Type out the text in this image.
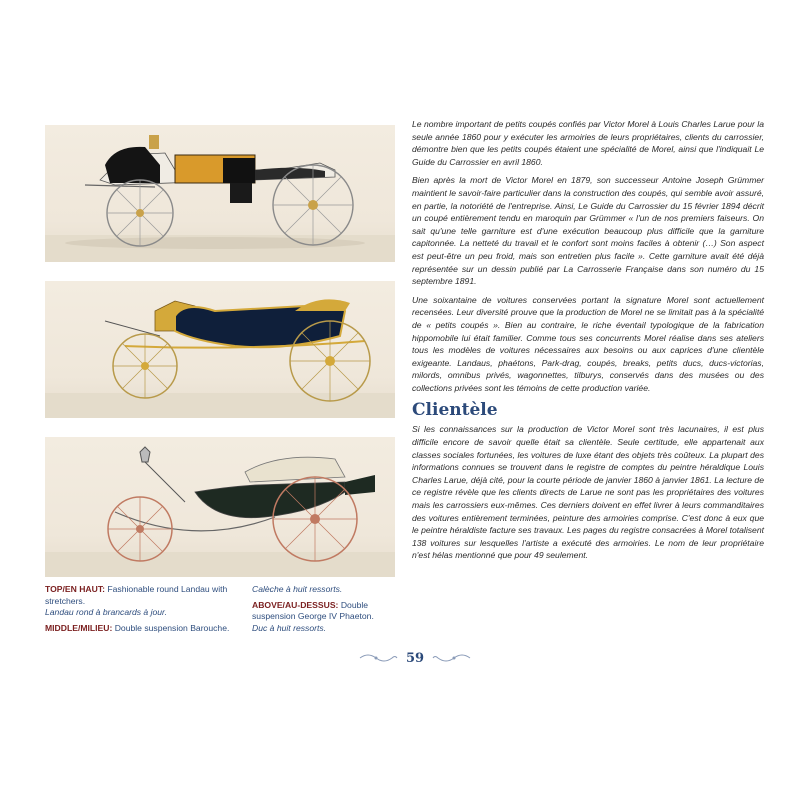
TOP/EN HAUT: Fashionable round Landau with stretchers.
Landau rond à brancards à jour.
MIDDLE/MILIEU: Double suspension Barouche.
Calèche à huit ressorts.
ABOVE/AU-DESSUS: Double suspension George IV Phaeton.
Duc à huit ressorts.

Le nombre important de petits coupés confiés par Victor Morel à Louis Charles Larue pour la seule année 1860 pour y exécuter les armoiries de leurs propriétaires, clients du carrossier, démontre bien que les petits coupés étaient une spécialité de Morel, ainsi que l'indiquait Le Guide du Carrossier en avril 1860.

Bien après la mort de Victor Morel en 1879, son successeur Antoine Joseph Grümmer maintient le savoir-faire particulier dans la construction des coupés, qui semble avoir assuré, en partie, la notoriété de l'entreprise. Ainsi, Le Guide du Carrossier du 15 février 1894 décrit un coupé entièrement tendu en maroquin par Grümmer « l'un de nos premiers faiseurs. On sait qu'une telle garniture est d'une exécution beaucoup plus difficile que la garniture capitonnée. La netteté du travail et le confort sont moins faciles à obtenir (…) Son aspect est peut-être un peu froid, mais son entretien plus facile ». Cette garniture avait été déjà représentée sur un dessin publié par La Carrosserie Française dans son numéro du 15 septembre 1891.

Une soixantaine de voitures conservées portant la signature Morel sont actuellement recensées. Leur diversité prouve que la production de Morel ne se limitait pas à la spécialité de « petits coupés ». Bien au contraire, le riche éventail typologique de la fabrication hippomobile lui était familier. Comme tous ses concurrents Morel réalise dans ses ateliers tous les modèles de voitures nécessaires aux besoins ou aux caprices d'une clientèle exigeante. Landaus, phaétons, Park-drag, coupés, breaks, petits ducs, ducs-victorias, milords, omnibus privés, wagonnettes, tilburys, conservés dans des musées ou des collections privées sont les témoins de cette production variée.

Clientèle

Si les connaissances sur la production de Victor Morel sont très lacunaires, il est plus difficile encore de savoir quelle était sa clientèle. Seule certitude, elle appartenait aux classes sociales fortunées, les voitures de luxe étant des objets très coûteux. La plupart des informations connues se trouvent dans le registre de comptes du peintre héraldique Louis Charles Larue, déjà cité, pour la courte période de janvier 1860 à janvier 1861. La lecture de ce registre révèle que les clients directs de Larue ne sont pas les propriétaires des voitures mais les carrossiers eux-mêmes. Ces derniers doivent en effet livrer à leurs commanditaires des voitures entièrement terminées, peinture des armoiries comprise. C'est donc à eux que le peintre héraldiste facture ses travaux. Les pages du registre consacrées à Morel totalisent 138 voitures sur lesquelles l'artiste a exécuté des armoiries. Le nom de leur propriétaire n'est hélas mentionné que pour 49 seulement.

59
